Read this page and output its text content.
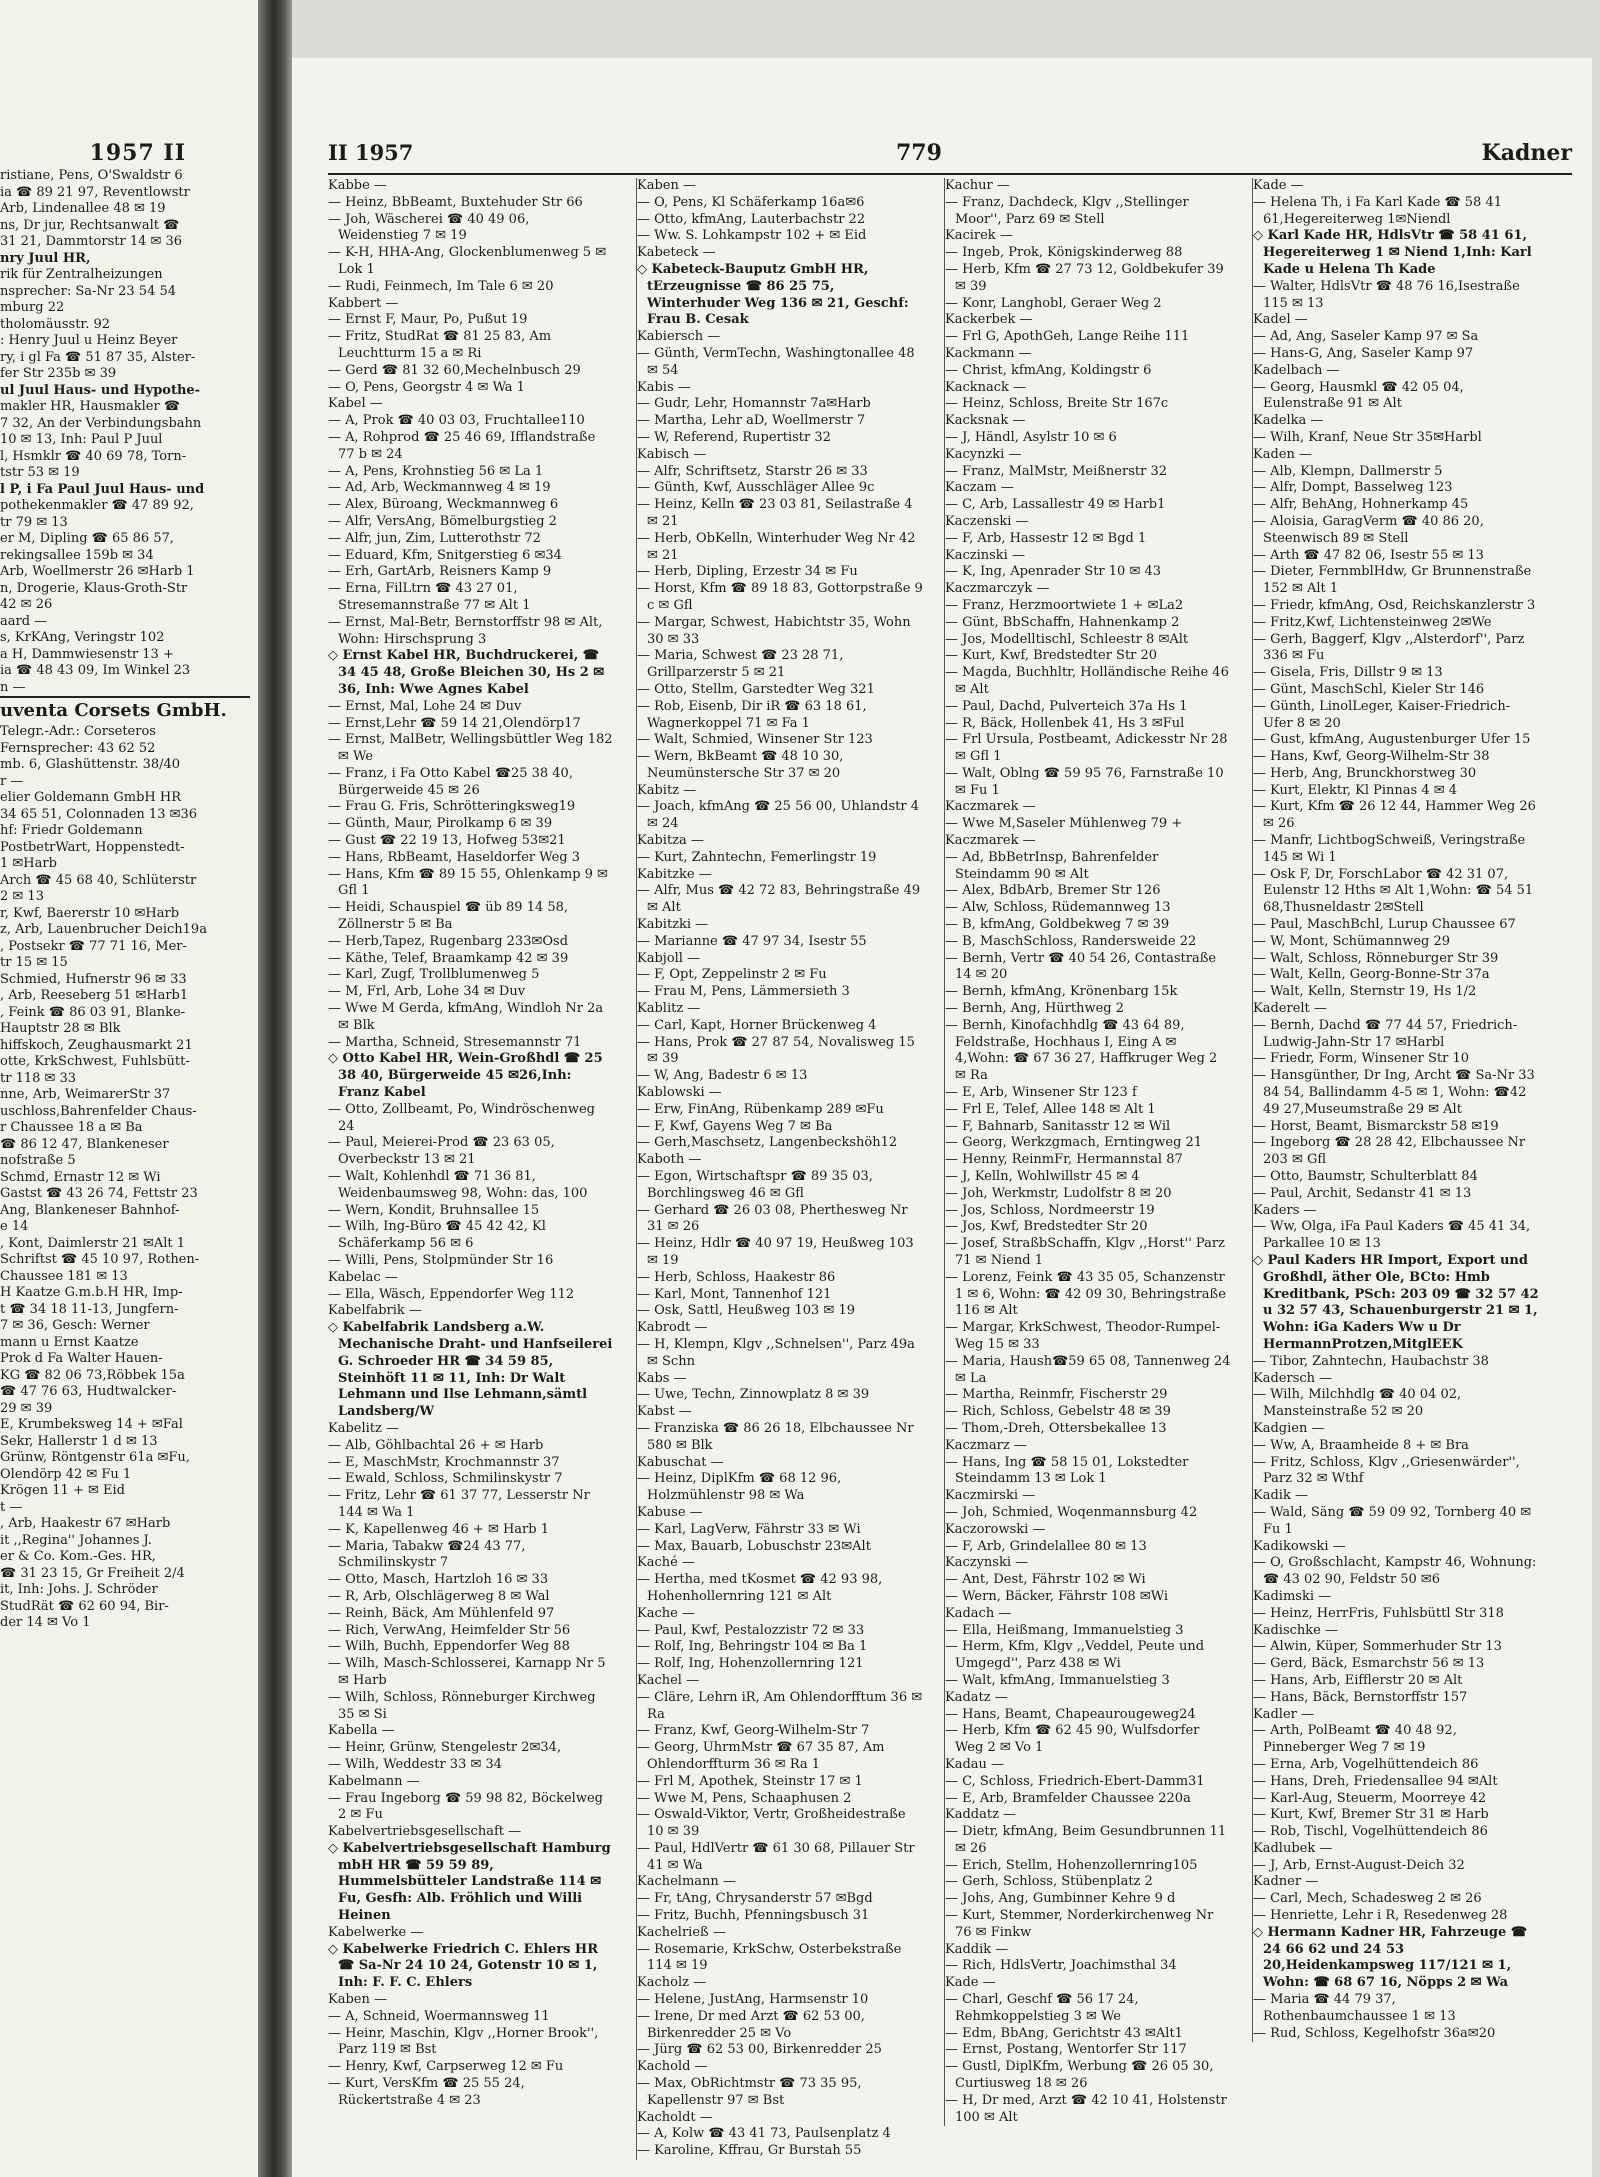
1957 II
ristiane, Pens, O'Swaldstr 6
ia ☎ 89 21 97, Reventlowstr
Arb, Lindenallee 48 ✉ 19
ns, Dr jur, Rechtsanwalt ☎
31 21, Dammtorstr 14 ✉ 36
nry Juul HR,
rik für Zentralheizungen
nsprecher: Sa-Nr 23 54 54
mburg 22
tholomäusstr. 92
: Henry Juul u Heinz Beyer
ry, i gl Fa ☎ 51 87 35, Alster-
fer Str 235b ✉ 39
ul Juul Haus- und Hypothe-
makler HR, Hausmakler ☎
7 32, An der Verbindungsbahn
10 ✉ 13, Inh: Paul P Juul
l, Hsmklr ☎ 40 69 78, Torn-
tstr 53 ✉ 19
l P, i Fa Paul Juul Haus- und
pothekenmakler ☎ 47 89 92,
tr 79 ✉ 13
er M, Dipling ☎ 65 86 57,
rekingsallee 159b ✉ 34
Arb, Woellmerstr 26 ✉Harb 1
n, Drogerie, Klaus-Groth-Str
42 ✉ 26
aard —
s, KrKAng, Veringstr 102
a H, Dammwiesenstr 13 +
ia ☎ 48 43 09, Im Winkel 23
n —
uventa Corsets GmbH.
Telegr.-Adr.: Corseteros
Fernsprecher: 43 62 52
mb. 6, Glashüttenstr. 38/40
r —
elier Goldemann GmbH HR
34 65 51, Colonnaden 13 ✉36
hf: Friedr Goldemann
PostbetrWart, Hoppenstedt-
1 ✉Harb
Arch ☎ 45 68 40, Schlüterstr
2 ✉ 13
r, Kwf, Baererstr 10 ✉Harb
z, Arb, Lauenbrucher Deich19a
, Postsekr ☎ 77 71 16, Mer-
tr 15 ✉ 15
Schmied, Hufnerstr 96 ✉ 33
, Arb, Reeseberg 51 ✉Harb1
, Feink ☎ 86 03 91, Blanke-
Hauptstr 28 ✉ Blk
hiffskoch, Zeughausmarkt 21
otte, KrkSchwest, Fuhlsbütt-
tr 118 ✉ 33
nne, Arb, WeimarerStr 37
uschloss,Bahrenfelder Chaus-
r Chaussee 18 a ✉ Ba
☎ 86 12 47, Blankeneser
nofstraße 5
Schmd, Ernastr 12 ✉ Wi
Gastst ☎ 43 26 74, Fettstr 23
Ang, Blankeneser Bahnhof-
e 14
, Kont, Daimlerstr 21 ✉Alt 1
Schriftst ☎ 45 10 97, Rothen-
Chaussee 181 ✉ 13
H Kaatze G.m.b.H HR, Imp-
t ☎ 34 18 11-13, Jungfern-
7 ✉ 36, Gesch: Werner
mann u Ernst Kaatze
Prok d Fa Walter Hauen-
KG ☎ 82 06 73,Röbbek 15a
☎ 47 76 63, Hudtwalcker-
29 ✉ 39
E, Krumbeksweg 14 + ✉Fal
Sekr, Hallerstr 1 d ✉ 13
Grünw, Röntgenstr 61a ✉Fu,
Olendörp 42 ✉ Fu 1
Krögen 11 + ✉ Eid
t —
, Arb, Haakestr 67 ✉Harb
it ,,Regina'' Johannes J.
er & Co. Kom.-Ges. HR,
☎ 31 23 15, Gr Freiheit 2/4
it, Inh: Johs. J. Schröder
StudRät ☎ 62 60 94, Bir-
der 14 ✉ Vo 1
II 1957	779	Kadner
Kabbe —
— Heinz, BbBeamt, Buxtehuder Str 66
— Joh, Wäscherei ☎ 40 49 06, Weidenstieg 7 ✉ 19
— K-H, HHA-Ang, Glockenblumenweg 5 ✉ Lok 1
— Rudi, Feinmech, Im Tale 6 ✉ 20
Kabbert —
— Ernst F, Maur, Po, Pußut 19
— Fritz, StudRat ☎ 81 25 83, Am Leuchtturm 15 a ✉ Ri
— Gerd ☎ 81 32 60,Mechelnbusch 29
— O, Pens, Georgstr 4 ✉ Wa 1
Kabel —
— A, Prok ☎ 40 03 03, Fruchtallee110
— A, Rohprod ☎ 25 46 69, Ifflandstraße 77 b ✉ 24
— A, Pens, Krohnstieg 56 ✉ La 1
— Ad, Arb, Weckmannweg 4 ✉ 19
— Alex, Büroang, Weckmannweg 6
— Alfr, VersAng, Bömelburgstieg 2
— Alfr, jun, Zim, Lutterothstr 72
— Eduard, Kfm, Snitgerstieg 6 ✉34
— Erh, GartArb, Reisners Kamp 9
— Erna, FilLtrn ☎ 43 27 01, Stresemannstraße 77 ✉ Alt 1
— Ernst, Mal-Betr, Bernstorffstr 98 ✉ Alt, Wohn: Hirschsprung 3
◇ Ernst Kabel HR, Buchdruckerei, ☎ 34 45 48, Große Bleichen 30, Hs 2 ✉ 36, Inh: Wwe Agnes Kabel
— Ernst, Mal, Lohe 24 ✉ Duv
— Ernst,Lehr ☎ 59 14 21,Olendörp17
— Ernst, MalBetr, Wellingsbüttler Weg 182 ✉ We
— Franz, i Fa Otto Kabel ☎25 38 40, Bürgerweide 45 ✉ 26
— Frau G. Fris, Schrötteringksweg19
— Günth, Maur, Pirolkamp 6 ✉ 39
— Gust ☎ 22 19 13, Hofweg 53✉21
— Hans, RbBeamt, Haseldorfer Weg 3
— Hans, Kfm ☎ 89 15 55, Ohlenkamp 9 ✉ Gfl 1
— Heidi, Schauspiel ☎ üb 89 14 58, Zöllnerstr 5 ✉ Ba
— Herb,Tapez, Rugenbarg 233✉Osd
— Käthe, Telef, Braamkamp 42 ✉ 39
— Karl, Zugf, Trollblumenweg 5
— M, Frl, Arb, Lohe 34 ✉ Duv
— Wwe M Gerda, kfmAng, Windloh Nr 2a ✉ Blk
— Martha, Schneid, Stresemannstr 71
◇ Otto Kabel HR, Wein-Großhdl ☎ 25 38 40, Bürgerweide 45 ✉26,Inh: Franz Kabel
— Otto, Zollbeamt, Po, Windröschenweg 24
— Paul, Meierei-Prod ☎ 23 63 05, Overbeckstr 13 ✉ 21
— Walt, Kohlenhdl ☎ 71 36 81, Weidenbaumsweg 98, Wohn: das, 100
— Wern, Kondit, Bruhnsallee 15
— Wilh, Ing-Büro ☎ 45 42 42, Kl Schäferkamp 56 ✉ 6
— Willi, Pens, Stolpmünder Str 16
Kabelac —
— Ella, Wäsch, Eppendorfer Weg 112
Kabelfabrik —
◇ Kabelfabrik Landsberg a.W. Mechanische Draht- und Hanfseilerei G. Schroeder HR ☎ 34 59 85, Steinhöft 11 ✉ 11, Inh: Dr Walt Lehmann und Ilse Lehmann,sämtl Landsberg/W
Kabelitz —
— Alb, Göhlbachtal 26 + ✉ Harb
— E, MaschMstr, Krochmannstr 37
— Ewald, Schloss, Schmilinskystr 7
— Fritz, Lehr ☎ 61 37 77, Lesserstr Nr 144 ✉ Wa 1
— K, Kapellenweg 46 + ✉ Harb 1
— Maria, Tabakw ☎24 43 77, Schmilinskystr 7
— Otto, Masch, Hartzloh 16 ✉ 33
— R, Arb, Olschlägerweg 8 ✉ Wal
— Reinh, Bäck, Am Mühlenfeld 97
— Rich, VerwAng, Heimfelder Str 56
— Wilh, Buchh, Eppendorfer Weg 88
— Wilh, Masch-Schlosserei, Karnapp Nr 5 ✉ Harb
— Wilh, Schloss, Rönneburger Kirchweg 35 ✉ Si
Kabella —
— Heinr, Grünw, Stengelestr 2✉34,
— Wilh, Weddestr 33 ✉ 34
Kabelmann —
— Frau Ingeborg ☎ 59 98 82, Böckelweg 2 ✉ Fu
Kabelvertriebsgesellschaft —
◇ Kabelvertriebsgesellschaft Hamburg mbH HR ☎ 59 59 89, Hummelsbütteler Landstraße 114 ✉Fu, Gesfh: Alb. Fröhlich und Willi Heinen
Kabelwerke —
◇ Kabelwerke Friedrich C. Ehlers HR ☎ Sa-Nr 24 10 24, Gotenstr 10 ✉ 1, Inh: F. F. C. Ehlers
Kaben —
— A, Schneid, Woermannsweg 11
— Heinr, Maschin, Klgv ,,Horner Brook'', Parz 119 ✉ Bst
— Henry, Kwf, Carpserweg 12 ✉ Fu
— Kurt, VersKfm ☎ 25 55 24, Rückertstraße 4 ✉ 23
Kaben —
— O, Pens, Kl Schäferkamp 16a✉6
— Otto, kfmAng, Lauterbachstr 22
— Ww. S. Lohkampstr 102 + ✉ Eid
Kabeteck —
◇ Kabeteck-Bauputz GmbH HR, tErzeugnisse ☎ 86 25 75, Winterhuder Weg 136 ✉ 21, Geschf: Frau B. Cesak
Kabiersch —
— Günth, VermTechn, Washingtonallee 48 ✉ 54
Kabis —
— Gudr, Lehr, Homannstr 7a✉Harb
— Martha, Lehr aD, Woellmerstr 7
— W, Referend, Rupertistr 32
Kabisch —
— Alfr, Schriftsetz, Starstr 26 ✉ 33
— Günth, Kwf, Ausschläger Allee 9c
— Heinz, Kelln ☎ 23 03 81, Seilastraße 4 ✉ 21
— Herb, ObKelln, Winterhuder Weg Nr 42 ✉ 21
— Herb, Dipling, Erzestr 34 ✉ Fu
— Horst, Kfm ☎ 89 18 83, Gottorpstraße 9 c ✉ Gfl
— Margar, Schwest, Habichtstr 35, Wohn 30 ✉ 33
— Maria, Schwest ☎ 23 28 71, Grillparzerstr 5 ✉ 21
— Otto, Stellm, Garstedter Weg 321
— Rob, Eisenb, Dir iR ☎ 63 18 61, Wagnerkoppel 71 ✉ Fa 1
— Walt, Schmied, Winsener Str 123
— Wern, BkBeamt ☎ 48 10 30, Neumünstersche Str 37 ✉ 20
Kabitz —
— Joach, kfmAng ☎ 25 56 00, Uhlandstr 4 ✉ 24
Kabitza —
— Kurt, Zahntechn, Femerlingstr 19
Kabitzke —
— Alfr, Mus ☎ 42 72 83, Behringstraße 49 ✉ Alt
Kabitzki —
— Marianne ☎ 47 97 34, Isestr 55
Kabjoll —
— F, Opt, Zeppelinstr 2 ✉ Fu
— Frau M, Pens, Lämmersieth 3
Kablitz —
— Carl, Kapt, Horner Brückenweg 4
— Hans, Prok ☎ 27 87 54, Novalisweg 15 ✉ 39
— W, Ang, Badestr 6 ✉ 13
Kablowski —
— Erw, FinAng, Rübenkamp 289 ✉Fu
— F, Kwf, Gayens Weg 7 ✉ Ba
— Gerh,Maschsetz, Langenbeckshöh12
Kaboth —
— Egon, Wirtschaftspr ☎ 89 35 03, Borchlingsweg 46 ✉ Gfl
— Gerhard ☎ 26 03 08, Pherthesweg Nr 31 ✉ 26
— Heinz, Hdlr ☎ 40 97 19, Heußweg 103 ✉ 19
— Herb, Schloss, Haakestr 86
— Karl, Mont, Tannenhof 121
— Osk, Sattl, Heußweg 103 ✉ 19
Kabrodt —
— H, Klempn, Klgv ,,Schnelsen'', Parz 49a ✉ Schn
Kabs —
— Uwe, Techn, Zinnowplatz 8 ✉ 39
Kabst —
— Franziska ☎ 86 26 18, Elbchaussee Nr 580 ✉ Blk
Kabuschat —
— Heinz, DiplKfm ☎ 68 12 96, Holzmühlenstr 98 ✉ Wa
Kabuse —
— Karl, LagVerw, Fährstr 33 ✉ Wi
— Max, Bauarb, Lobuschstr 23✉Alt
Kaché —
— Hertha, med tKosmet ☎ 42 93 98, Hohenhollernring 121 ✉ Alt
Kache —
— Paul, Kwf, Pestalozzistr 72 ✉ 33
— Rolf, Ing, Behringstr 104 ✉ Ba 1
— Rolf, Ing, Hohenzollernring 121
Kachel —
— Cläre, Lehrn iR, Am Ohlendorfftum 36 ✉ Ra
— Franz, Kwf, Georg-Wilhelm-Str 7
— Georg, UhrmMstr ☎ 67 35 87, Am Ohlendorffturm 36 ✉ Ra 1
— Frl M, Apothek, Steinstr 17 ✉ 1
— Wwe M, Pens, Schaaphusen 2
— Oswald-Viktor, Vertr, Großheidestraße 10 ✉ 39
— Paul, HdlVertr ☎ 61 30 68, Pillauer Str 41 ✉ Wa
Kachelmann —
— Fr, tAng, Chrysanderstr 57 ✉Bgd
— Fritz, Buchh, Pfenningsbusch 31
Kachelrieß —
— Rosemarie, KrkSchw, Osterbekstraße 114 ✉ 19
Kacholz —
— Helene, JustAng, Harmsenstr 10
— Irene, Dr med Arzt ☎ 62 53 00, Birkenredder 25 ✉ Vo
— Jürg ☎ 62 53 00, Birkenredder 25
Kachold —
— Max, ObRichtmstr ☎ 73 35 95, Kapellenstr 97 ✉ Bst
Kacholdt —
— A, Kolw ☎ 43 41 73, Paulsenplatz 4
— Karoline, Kffrau, Gr Burstah 55
Kachur —
— Franz, Dachdeck, Klgv ,,Stellinger Moor'', Parz 69 ✉ Stell
Kacirek —
— Ingeb, Prok, Königskinderweg 88
— Herb, Kfm ☎ 27 73 12, Goldbekufer 39 ✉ 39
— Konr, Langhobl, Geraer Weg 2
Kackerbek —
— Frl G, ApothGeh, Lange Reihe 111
Kackmann —
— Christ, kfmAng, Koldingstr 6
Kacknack —
— Heinz, Schloss, Breite Str 167c
Kacksnak —
— J, Händl, Asylstr 10 ✉ 6
Kacynzki —
— Franz, MalMstr, Meißnerstr 32
Kaczam —
— C, Arb, Lassallestr 49 ✉ Harb1
Kaczenski —
— F, Arb, Hassestr 12 ✉ Bgd 1
Kaczinski —
— K, Ing, Apenrader Str 10 ✉ 43
Kaczmarczyk —
— Franz, Herzmoortwiete 1 + ✉La2
— Günt, BbSchaffn, Hahnenkamp 2
— Jos, Modelltischl, Schleestr 8 ✉Alt
— Kurt, Kwf, Bredstedter Str 20
— Magda, Buchhltr, Holländische Reihe 46 ✉ Alt
— Paul, Dachd, Pulverteich 37a Hs 1
— R, Bäck, Hollenbek 41, Hs 3 ✉Ful
— Frl Ursula, Postbeamt, Adickesstr Nr 28 ✉ Gfl 1
— Walt, Oblng ☎ 59 95 76, Farnstraße 10 ✉ Fu 1
Kaczmarek —
— Wwe M,Saseler Mühlenweg 79 +
Kaczmarek —
— Ad, BbBetrInsp, Bahrenfelder Steindamm 90 ✉ Alt
— Alex, BdbArb, Bremer Str 126
— Alw, Schloss, Rüdemannweg 13
— B, kfmAng, Goldbekweg 7 ✉ 39
— B, MaschSchloss, Randersweide 22
— Bernh, Vertr ☎ 40 54 26, Contastraße 14 ✉ 20
— Bernh, kfmAng, Krönenbarg 15k
— Bernh, Ang, Hürthweg 2
— Bernh, Kinofachhdlg ☎ 43 64 89, Feldstraße, Hochhaus I, Eing A ✉ 4,Wohn: ☎ 67 36 27, Haffkruger Weg 2 ✉ Ra
— E, Arb, Winsener Str 123 f
— Frl E, Telef, Allee 148 ✉ Alt 1
— F, Bahnarb, Sanitasstr 12 ✉ Wil
— Georg, Werkzgmach, Erntingweg 21
— Henny, ReinmFr, Hermannstal 87
— J, Kelln, Wohlwillstr 45 ✉ 4
— Joh, Werkmstr, Ludolfstr 8 ✉ 20
— Jos, Schloss, Nordmeerstr 19
— Jos, Kwf, Bredstedter Str 20
— Josef, StraßbSchaffn, Klgv ,,Horst'' Parz 71 ✉ Niend 1
— Lorenz, Feink ☎ 43 35 05, Schanzenstr 1 ✉ 6, Wohn: ☎ 42 09 30, Behringstraße 116 ✉ Alt
— Margar, KrkSchwest, Theodor-Rumpel-Weg 15 ✉ 33
— Maria, Haush☎59 65 08, Tannenweg 24 ✉ La
— Martha, Reinmfr, Fischerstr 29
— Rich, Schloss, Gebelstr 48 ✉ 39
— Thom,-Dreh, Ottersbekallee 13
Kaczmarz —
— Hans, Ing ☎ 58 15 01, Lokstedter Steindamm 13 ✉ Lok 1
Kaczmirski —
— Joh, Schmied, Woqenmannsburg 42
Kaczorowski —
— F, Arb, Grindelallee 80 ✉ 13
Kaczynski —
— Ant, Dest, Fährstr 102 ✉ Wi
— Wern, Bäcker, Fährstr 108 ✉Wi
Kadach —
— Ella, Heißmang, Immanuelstieg 3
— Herm, Kfm, Klgv ,,Veddel, Peute und Umgegd'', Parz 438 ✉ Wi
— Walt, kfmAng, Immanuelstieg 3
Kadatz —
— Hans, Beamt, Chapeaurougeweg24
— Herb, Kfm ☎ 62 45 90, Wulfsdorfer Weg 2 ✉ Vo 1
Kadau —
— C, Schloss, Friedrich-Ebert-Damm31
— E, Arb, Bramfelder Chaussee 220a
Kaddatz —
— Dietr, kfmAng, Beim Gesundbrunnen 11 ✉ 26
— Erich, Stellm, Hohenzollernring105
— Gerh, Schloss, Stübenplatz 2
— Johs, Ang, Gumbinner Kehre 9 d
— Kurt, Stemmer, Norderkirchenweg Nr 76 ✉ Finkw
Kaddik —
— Rich, HdlsVertr, Joachimsthal 34
Kade —
— Charl, Geschf ☎ 56 17 24, Rehmkoppelstieg 3 ✉ We
— Edm, BbAng, Gerichtstr 43 ✉Alt1
— Ernst, Postang, Wentorfer Str 117
— Gustl, DiplKfm, Werbung ☎ 26 05 30, Curtiusweg 18 ✉ 26
— H, Dr med, Arzt ☎ 42 10 41, Holstenstr 100 ✉ Alt
Kade —
— Helena Th, i Fa Karl Kade ☎ 58 41 61,Hegereiterweg 1✉Niendl
◇ Karl Kade HR, HdlsVtr ☎ 58 41 61, Hegereiterweg 1 ✉ Niend 1,Inh: Karl Kade u Helena Th Kade
— Walter, HdlsVtr ☎ 48 76 16,Isestraße 115 ✉ 13
Kadel —
— Ad, Ang, Saseler Kamp 97 ✉ Sa
— Hans-G, Ang, Saseler Kamp 97
Kadelbach —
— Georg, Hausmkl ☎ 42 05 04, Eulenstraße 91 ✉ Alt
Kadelka —
— Wilh, Kranf, Neue Str 35✉Harbl
Kaden —
— Alb, Klempn, Dallmerstr 5
— Alfr, Dompt, Basselweg 123
— Alfr, BehAng, Hohnerkamp 45
— Aloisia, GaragVerm ☎ 40 86 20, Steenwisch 89 ✉ Stell
— Arth ☎ 47 82 06, Isestr 55 ✉ 13
— Dieter, FernmblHdw, Gr Brunnenstraße 152 ✉ Alt 1
— Friedr, kfmAng, Osd, Reichskanzlerstr 3
— Fritz,Kwf, Lichtensteinweg 2✉We
— Gerh, Baggerf, Klgv ,,Alsterdorf'', Parz 336 ✉ Fu
— Gisela, Fris, Dillstr 9 ✉ 13
— Günt, MaschSchl, Kieler Str 146
— Günth, LinolLeger, Kaiser-Friedrich-Ufer 8 ✉ 20
— Gust, kfmAng, Augustenburger Ufer 15
— Hans, Kwf, Georg-Wilhelm-Str 38
— Herb, Ang, Brunckhorstweg 30
— Kurt, Elektr, Kl Pinnas 4 ✉ 4
— Kurt, Kfm ☎ 26 12 44, Hammer Weg 26 ✉ 26
— Manfr, LichtbogSchweiß, Veringstraße 145 ✉ Wi 1
— Osk F, Dr, ForschLabor ☎ 42 31 07, Eulenstr 12 Hths ✉ Alt 1,Wohn: ☎ 54 51 68,Thusneldastr 2✉Stell
— Paul, MaschBchl, Lurup Chaussee 67
— W, Mont, Schümannweg 29
— Walt, Schloss, Rönneburger Str 39
— Walt, Kelln, Georg-Bonne-Str 37a
— Walt, Kelln, Sternstr 19, Hs 1/2
Kaderelt —
— Bernh, Dachd ☎ 77 44 57, Friedrich-Ludwig-Jahn-Str 17 ✉Harbl
— Friedr, Form, Winsener Str 10
— Hansgünther, Dr Ing, Archt ☎ Sa-Nr 33 84 54, Ballindamm 4-5 ✉ 1, Wohn: ☎42 49 27,Museumstraße 29 ✉ Alt
— Horst, Beamt, Bismarckstr 58 ✉19
— Ingeborg ☎ 28 28 42, Elbchaussee Nr 203 ✉ Gfl
— Otto, Baumstr, Schulterblatt 84
— Paul, Archit, Sedanstr 41 ✉ 13
Kaders —
— Ww, Olga, iFa Paul Kaders ☎ 45 41 34, Parkallee 10 ✉ 13
◇ Paul Kaders HR Import, Export und Großhdl, äther Ole, BCto: Hmb Kreditbank, PSch: 203 09 ☎ 32 57 42 u 32 57 43, Schauenburgerstr 21 ✉ 1, Wohn: iGa Kaders Ww u Dr HermannProtzen,MitglEEK
— Tibor, Zahntechn, Haubachstr 38
Kadersch —
— Wilh, Milchhdlg ☎ 40 04 02, Mansteinstraße 52 ✉ 20
Kadgien —
— Ww, A, Braamheide 8 + ✉ Bra
— Fritz, Schloss, Klgv ,,Griesenwärder'', Parz 32 ✉ Wthf
Kadik —
— Wald, Säng ☎ 59 09 92, Tornberg 40 ✉ Fu 1
Kadikowski —
— O, Großschlacht, Kampstr 46, Wohnung: ☎ 43 02 90, Feldstr 50 ✉6
Kadimski —
— Heinz, HerrFris, Fuhlsbüttl Str 318
Kadischke —
— Alwin, Küper, Sommerhuder Str 13
— Gerd, Bäck, Esmarchstr 56 ✉ 13
— Hans, Arb, Eifflerstr 20 ✉ Alt
— Hans, Bäck, Bernstorffstr 157
Kadler —
— Arth, PolBeamt ☎ 40 48 92, Pinneberger Weg 7 ✉ 19
— Erna, Arb, Vogelhüttendeich 86
— Hans, Dreh, Friedensallee 94 ✉Alt
— Karl-Aug, Steuerm, Moorreye 42
— Kurt, Kwf, Bremer Str 31 ✉ Harb
— Rob, Tischl, Vogelhüttendeich 86
Kadlubek —
— J, Arb, Ernst-August-Deich 32
Kadner —
— Carl, Mech, Schadesweg 2 ✉ 26
— Henriette, Lehr i R, Resedenweg 28
◇ Hermann Kadner HR, Fahrzeuge ☎ 24 66 62 und 24 53 20,Heidenkampsweg 117/121 ✉ 1, Wohn: ☎ 68 67 16, Nöpps 2 ✉ Wa
— Maria ☎ 44 79 37, Rothenbaumchaussee 1 ✉ 13
— Rud, Schloss, Kegelhofstr 36a✉20
